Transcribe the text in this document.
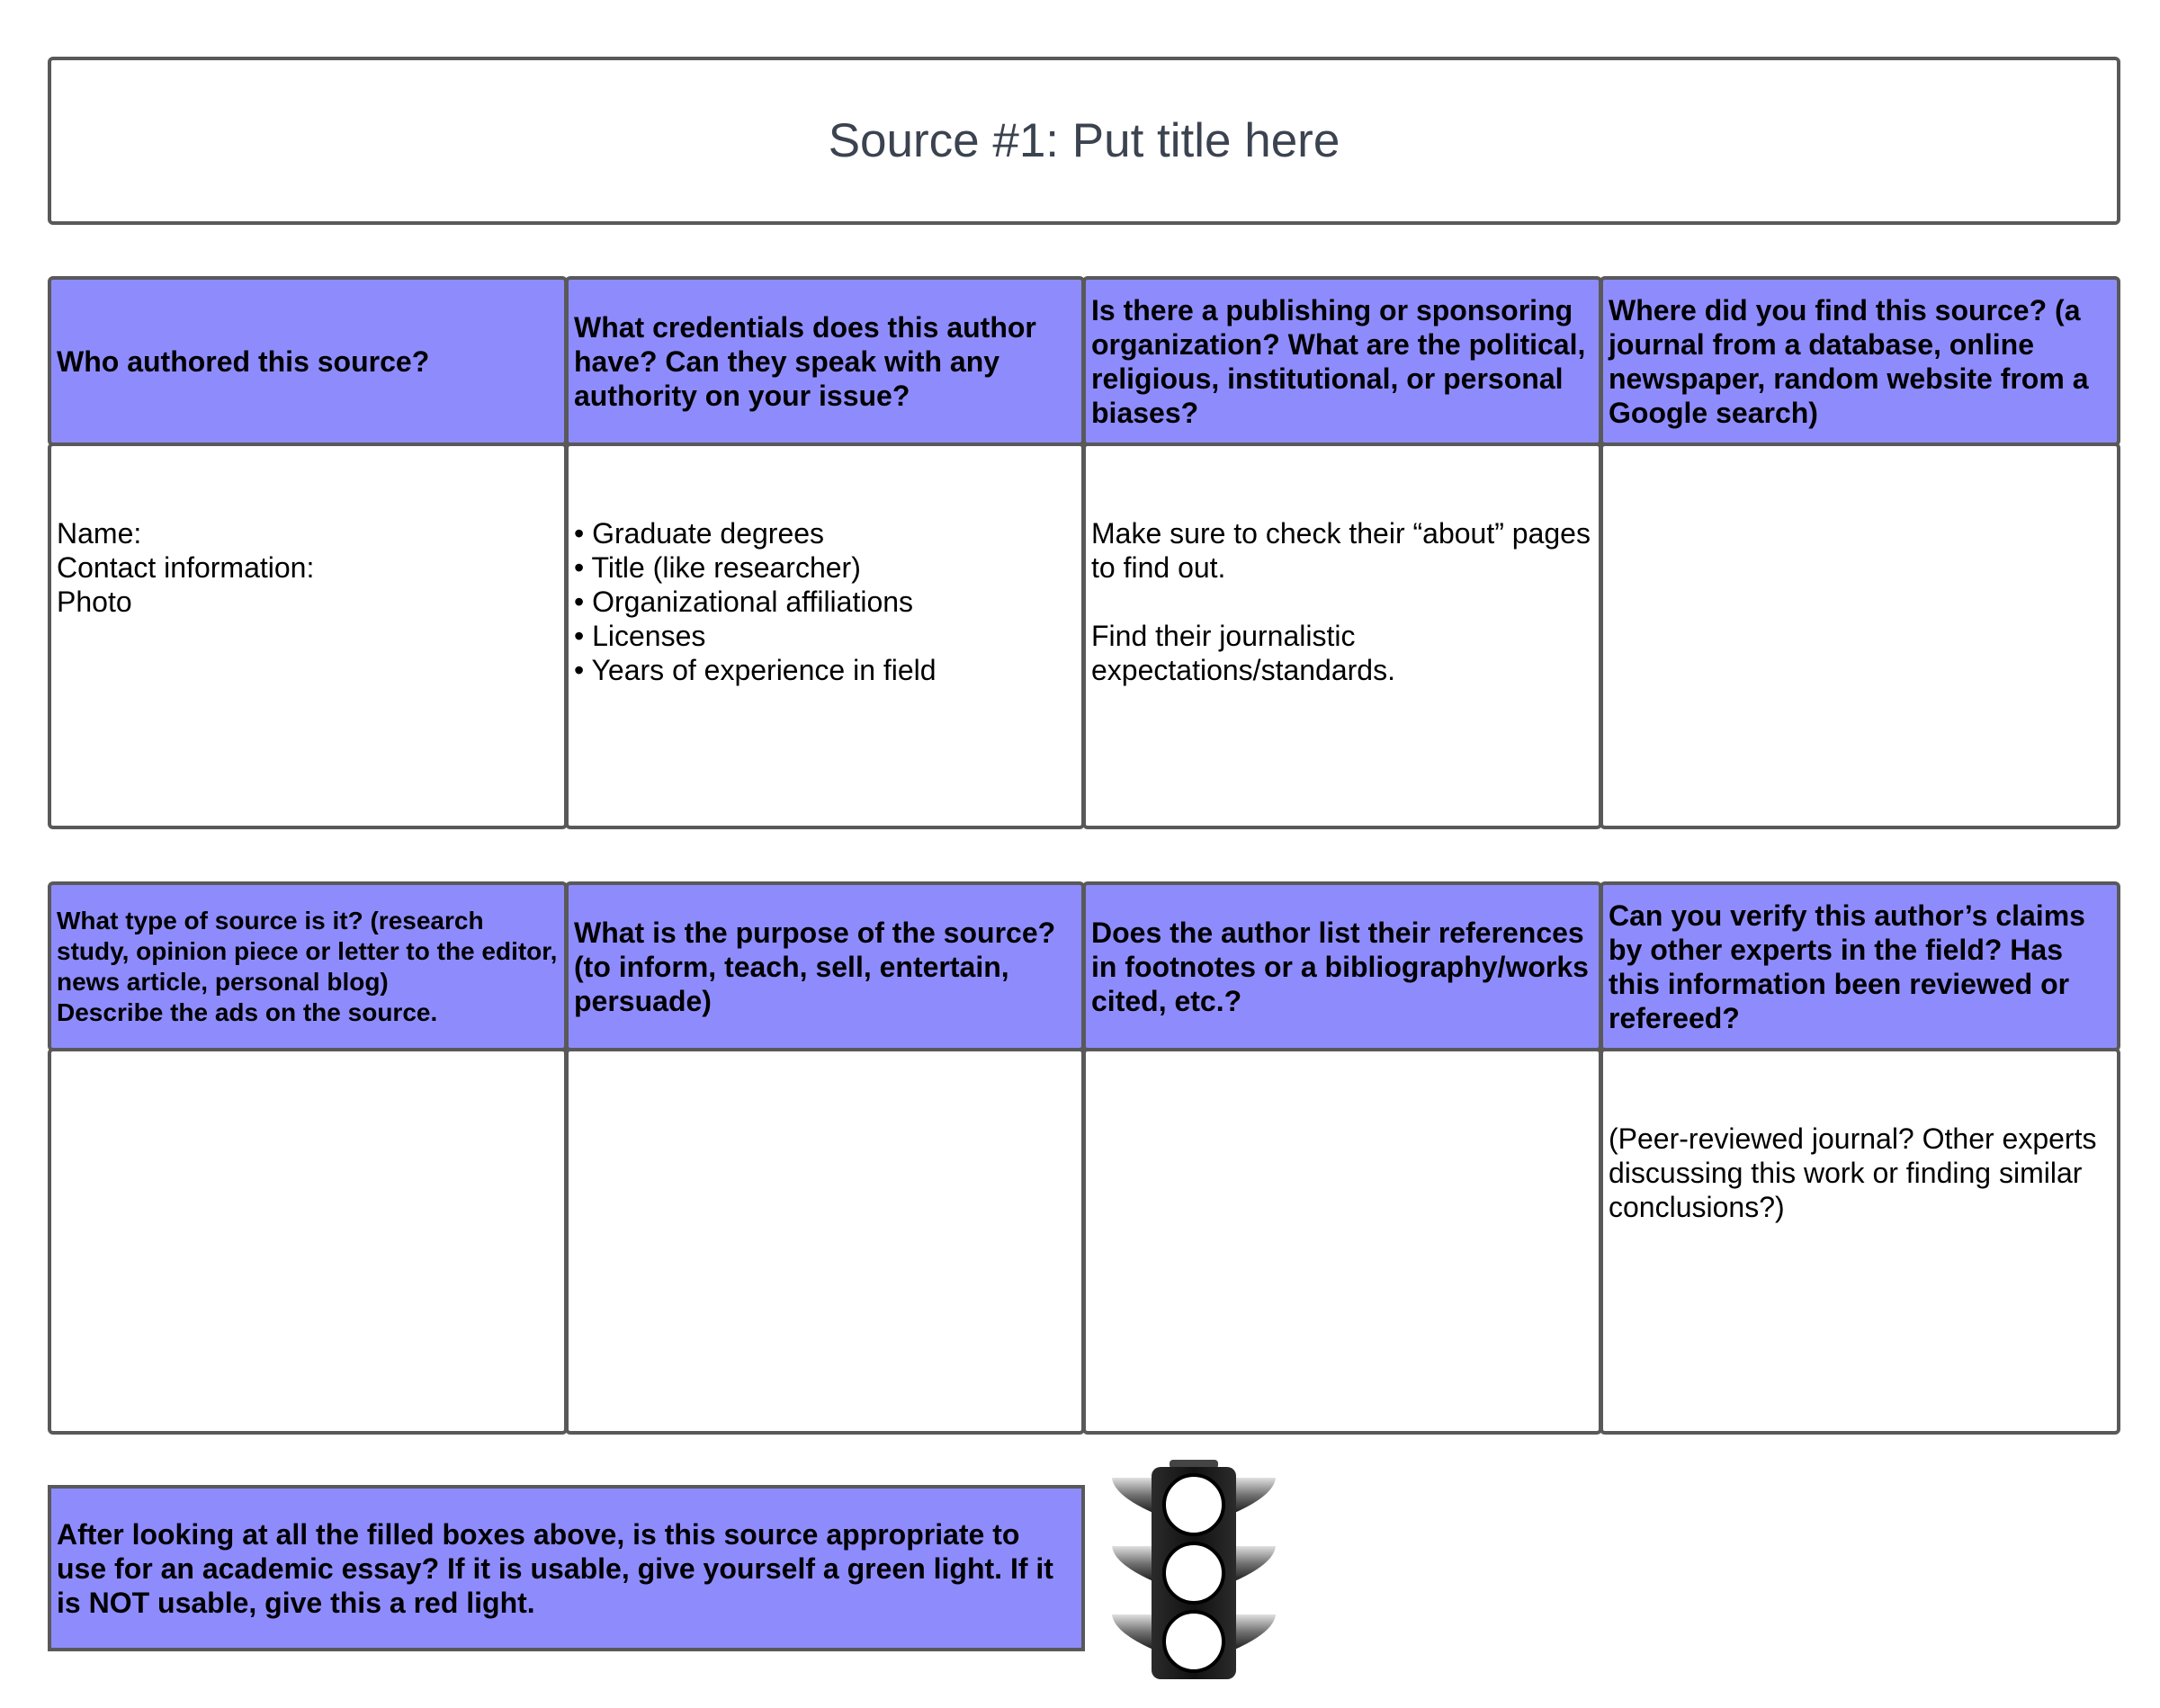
Source #1: Put title here
Who authored this source?
What credentials does this author have? Can they speak with any authority on your issue?
Is there a publishing or sponsoring organization? What are the political, religious, institutional, or personal biases?
Where did you find this source? (a journal from a database, online newspaper, random website from a Google search)
Name:
Contact information:
Photo
• Graduate degrees
• Title (like researcher)
• Organizational affiliations
• Licenses
• Years of experience in field
Make sure to check their “about” pages to find out.
Find their journalistic expectations/standards.
What type of source is it? (research study, opinion piece or letter to the editor, news article, personal blog)
Describe the ads on the source.
What is the purpose of the source? (to inform, teach, sell, entertain, persuade)
Does the author list their references in footnotes or a bibliography/works cited, etc.?
Can you verify this author’s claims by other experts in the field? Has this information been reviewed or refereed?
(Peer-reviewed journal? Other experts discussing this work or finding similar conclusions?)
After looking at all the filled boxes above, is this source appropriate to use for an academic essay? If it is usable, give yourself a green light. If it is NOT usable, give this a red light.
